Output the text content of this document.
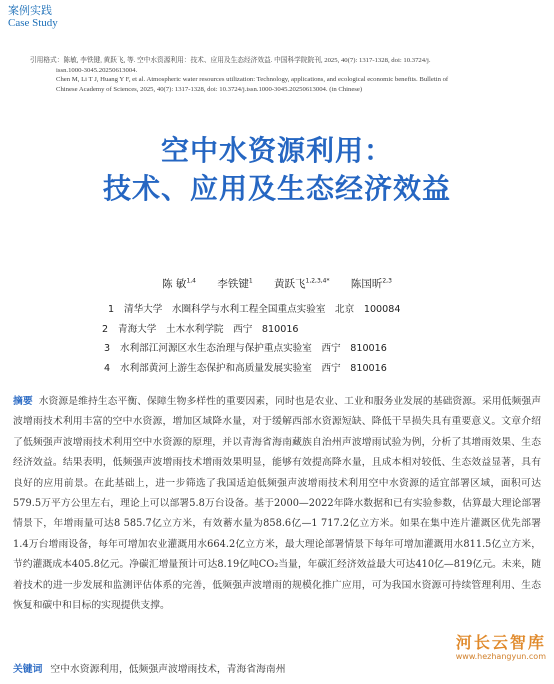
案例实践
Case Study
引用格式：陈敏, 李铁键, 黄跃飞, 等. 空中水资源利用：技术、应用及生态经济效益. 中国科学院院刊, 2025, 40(7): 1317-1328, doi: 10.3724/j.
issn.1000-3045.20250613004.
Chen M, Li T J, Huang Y F, et al. Atmospheric water resources utilization: Technology, applications, and ecological economic benefits. Bulletin of
Chinese Academy of Sciences, 2025, 40(7): 1317-1328, doi: 10.3724/j.issn.1000-3045.20250613004. (in Chinese)
空中水资源利用：
技术、应用及生态经济效益
陈 敏$^{1,4}$ 李铁键$^1$ 黄跃飞$^{1,2,3,4*}$ 陈国昕$^{2,3}$
1 清华大学　水圈科学与水利工程全国重点实验室　北京　100084
2 青海大学　土木水利学院　西宁　810016
3 水利部江河源区水生态治理与保护重点实验室　西宁　810016
4 水利部黄河上游生态保护和高质量发展实验室　西宁　810016
摘要 水资源是维持生态平衡、保障生物多样性的重要因素，同时也是农业、工业和服务业发展的基础资源。采用低频强声波增雨技术利用丰富的空中水资源，增加区域降水量，对于缓解西部水资源短缺、降低干旱损失具有重要意义。文章介绍了低频强声波增雨技术利用空中水资源的原理，并以青海省海南藏族自治州声波增雨试验为例，分析了其增雨效果、生态经济效益。结果表明，低频强声波增雨技术增雨效果明显，能够有效提高降水量，且成本相对较低、生态效益显著，具有良好的应用前景。在此基础上，进一步筛选了我国适迫低频强声波增雨技术利用空中水资源的适宜部署区域，面积可达579.5万平方公里左右，理论上可以部署5.8万台设备。基于2000—2022年降水数据和已有实验参数，估算最大理论部署情景下，年增雨量可达8 585.7亿立方米，有效蓄水量为858.6亿—1 717.2亿立方米。如果在集中连片灌溉区优先部署1.4万台增雨设备，每年可增加农业灌溉用水664.2亿立方米，最大理论部署情景下每年可增加灌溉用水811.5亿立方米，节约灌溉成本405.8亿元。净碳汇增量预计可达8.19亿吨CO₂当量，年碳汇经济效益最大可达410亿—819亿元。未来，随着技术的进一步发展和监测评估体系的完善，低频强声波增雨的规模化推广应用，可为我国水资源可持续管理利用、生态恢复和碳中和目标的实现提供支撑。
关键词 空中水资源利用，低频强声波增雨技术，青海省海南州
河长云智库
www.hezhangyun.com
